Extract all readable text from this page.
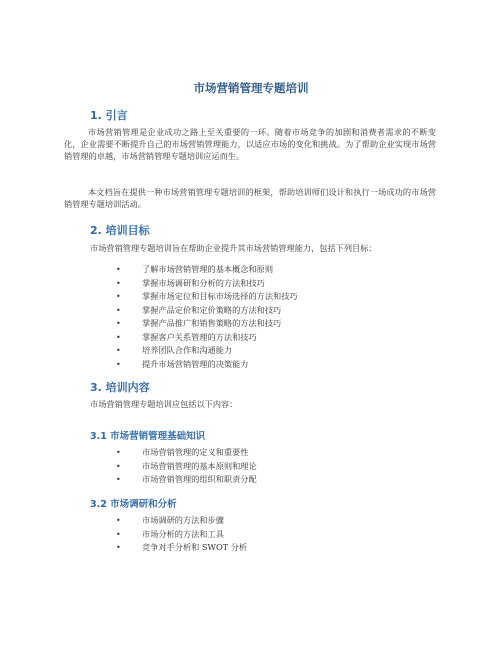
市场营销管理专题培训
1. 引言
市场营销管理是企业成功之路上至关重要的一环。随着市场竞争的加剧和消费者需求的不断变化，企业需要不断提升自己的市场营销管理能力，以适应市场的变化和挑战。为了帮助企业实现市场营销管理的卓越，市场营销管理专题培训应运而生。
本文档旨在提供一种市场营销管理专题培训的框架，帮助培训师们设计和执行一场成功的市场营销管理专题培训活动。
2. 培训目标
市场营销管理专题培训旨在帮助企业提升其市场营销管理能力，包括下列目标：
• 了解市场营销管理的基本概念和原则
• 掌握市场调研和分析的方法和技巧
• 掌握市场定位和目标市场选择的方法和技巧
• 掌握产品定价和定价策略的方法和技巧
• 掌握产品推广和销售策略的方法和技巧
• 掌握客户关系管理的方法和技巧
• 培养团队合作和沟通能力
• 提升市场营销管理的决策能力
3. 培训内容
市场营销管理专题培训应包括以下内容：
3.1 市场营销管理基础知识
• 市场营销管理的定义和重要性
• 市场营销管理的基本原则和理论
• 市场营销管理的组织和职责分配
3.2 市场调研和分析
• 市场调研的方法和步骤
• 市场分析的方法和工具
• 竞争对手分析和 SWOT 分析
